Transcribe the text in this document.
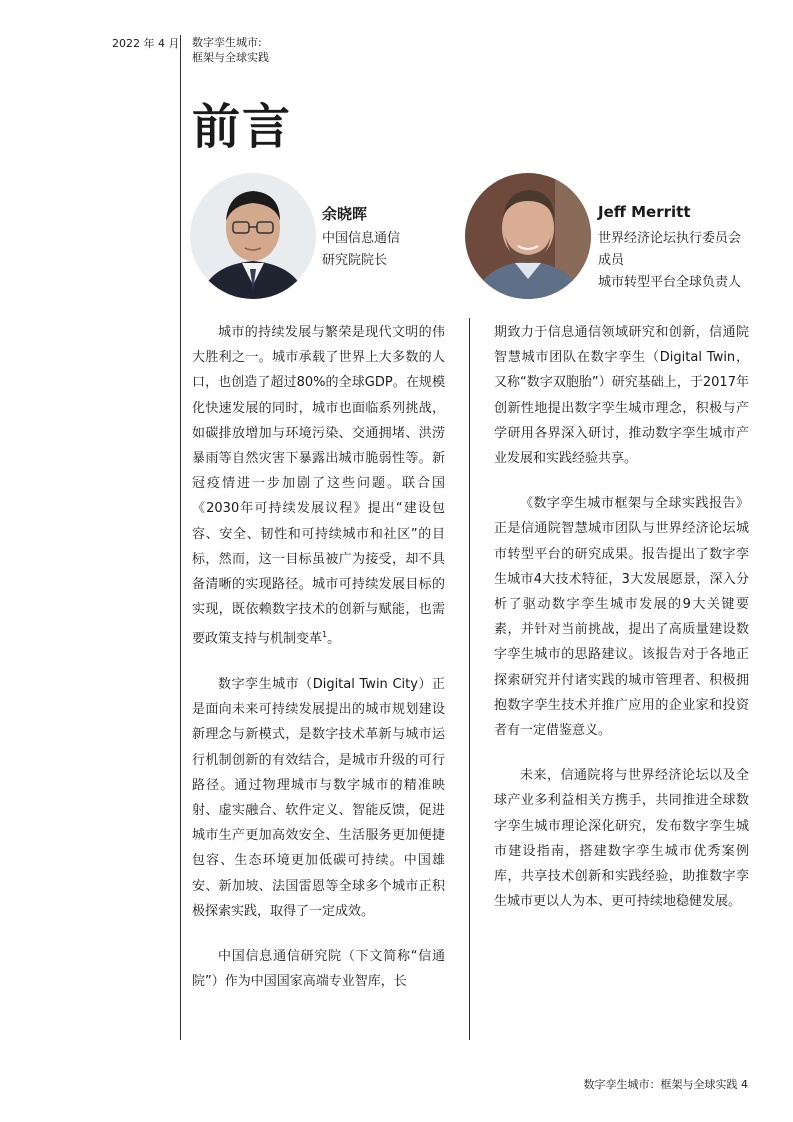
2022 年 4 月 数字孪生城市:
框架与全球实践
前言
余晓晖
中国信息通信
研究院院长
Jeff Merritt
世界经济论坛执行委员会
成员
城市转型平台全球负责人

城市的持续发展与繁荣是现代文明的伟大胜利之一。城市承载了世界上大多数的人口，也创造了超过80%的全球GDP。在规模化快速发展的同时，城市也面临系列挑战，如碳排放增加与环境污染、交通拥堵、洪涝暴雨等自然灾害下暴露出城市脆弱性等。新冠疫情进一步加剧了这些问题。联合国《2030年可持续发展议程》提出“建设包容、安全、韧性和可持续城市和社区”的目标，然而，这一目标虽被广为接受，却不具备清晰的实现路径。城市可持续发展目标的实现，既依赖数字技术的创新与赋能，也需要政策支持与机制变革$^1$。

数字孪生城市（Digital Twin City）正是面向未来可持续发展提出的城市规划建设新理念与新模式，是数字技术革新与城市运行机制创新的有效结合，是城市升级的可行路径。通过物理城市与数字城市的精准映射、虚实融合、软件定义、智能反馈，促进城市生产更加高效安全、生活服务更加便捷包容、生态环境更加低碳可持续。中国雄安、新加坡、法国雷恩等全球多个城市正积极探索实践，取得了一定成效。

中国信息通信研究院（下文简称“信通院”）作为中国国家高端专业智库，长

期致力于信息通信领域研究和创新，信通院智慧城市团队在数字孪生（Digital Twin，又称“数字双胞胎”）研究基础上，于2017年创新性地提出数字孪生城市理念，积极与产学研用各界深入研讨，推动数字孪生城市产业发展和实践经验共享。

《数字孪生城市框架与全球实践报告》正是信通院智慧城市团队与世界经济论坛城市转型平台的研究成果。报告提出了数字孪生城市4大技术特征，3大发展愿景，深入分析了驱动数字孪生城市发展的9大关键要素，并针对当前挑战，提出了高质量建设数字孪生城市的思路建议。该报告对于各地正探索研究并付诸实践的城市管理者、积极拥抱数字孪生技术并推广应用的企业家和投资者有一定借鉴意义。

未来，信通院将与世界经济论坛以及全球产业多利益相关方携手，共同推进全球数字孪生城市理论深化研究，发布数字孪生城市建设指南，搭建数字孪生城市优秀案例库，共享技术创新和实践经验，助推数字孪生城市更以人为本、更可持续地稳健发展。

数字孪生城市：框架与全球实践 4
